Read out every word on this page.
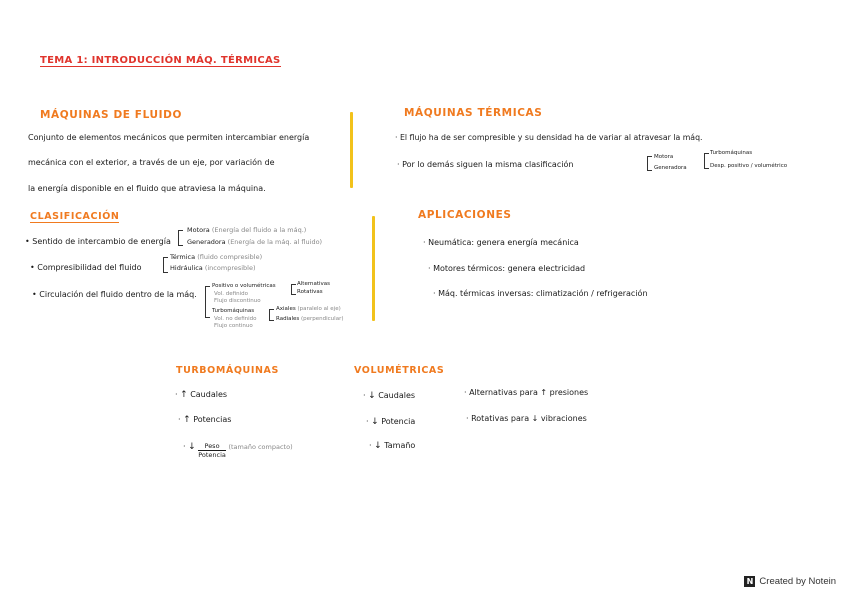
TEMA 1: INTRODUCCIÓN MÁQ. TÉRMICAS
MÁQUINAS DE FLUIDO
Conjunto de elementos mecánicos que permiten intercambiar energía
mecánica con el exterior, a través de un eje, por variación de
la energía disponible en el fluido que atraviesa la máquina.
CLASIFICACIÓN
• Sentido de intercambio de energía
Motora (Energía del fluido a la máq.)
Generadora (Energía de la máq. al fluido)
• Compresibilidad del fluido
Térmica (fluido compresible)
Hidráulica (incompresible)
• Circulación del fluido dentro de la máq.
Positivo o volumétricas
Vol. definido
Flujo discontinuo
Alternativas
Rotativas
Turbomáquinas
Vol. no definido
Flujo continuo
Axiales (paralelo al eje)
Radiales (perpendicular)
MÁQUINAS TÉRMICAS
· El flujo ha de ser compresible y su densidad ha de variar al atravesar la máq.
· Por lo demás siguen la misma clasificación
Motora
Generadora
Turbomáquinas
Desp. positivo / volumétrico
APLICACIONES
· Neumática: genera energía mecánica
· Motores térmicos: genera electricidad
· Máq. térmicas inversas: climatización / refrigeración
TURBOMÁQUINAS
· ↑ Caudales
· ↑ Potencias
· ↓	Peso
Potencia
(tamaño compacto)
VOLUMÉTRICAS
· ↓ Caudales
· ↓ Potencia
· ↓ Tamaño
· Alternativas para ↑ presiones
· Rotativas para ↓ vibraciones
N Created by Notein
